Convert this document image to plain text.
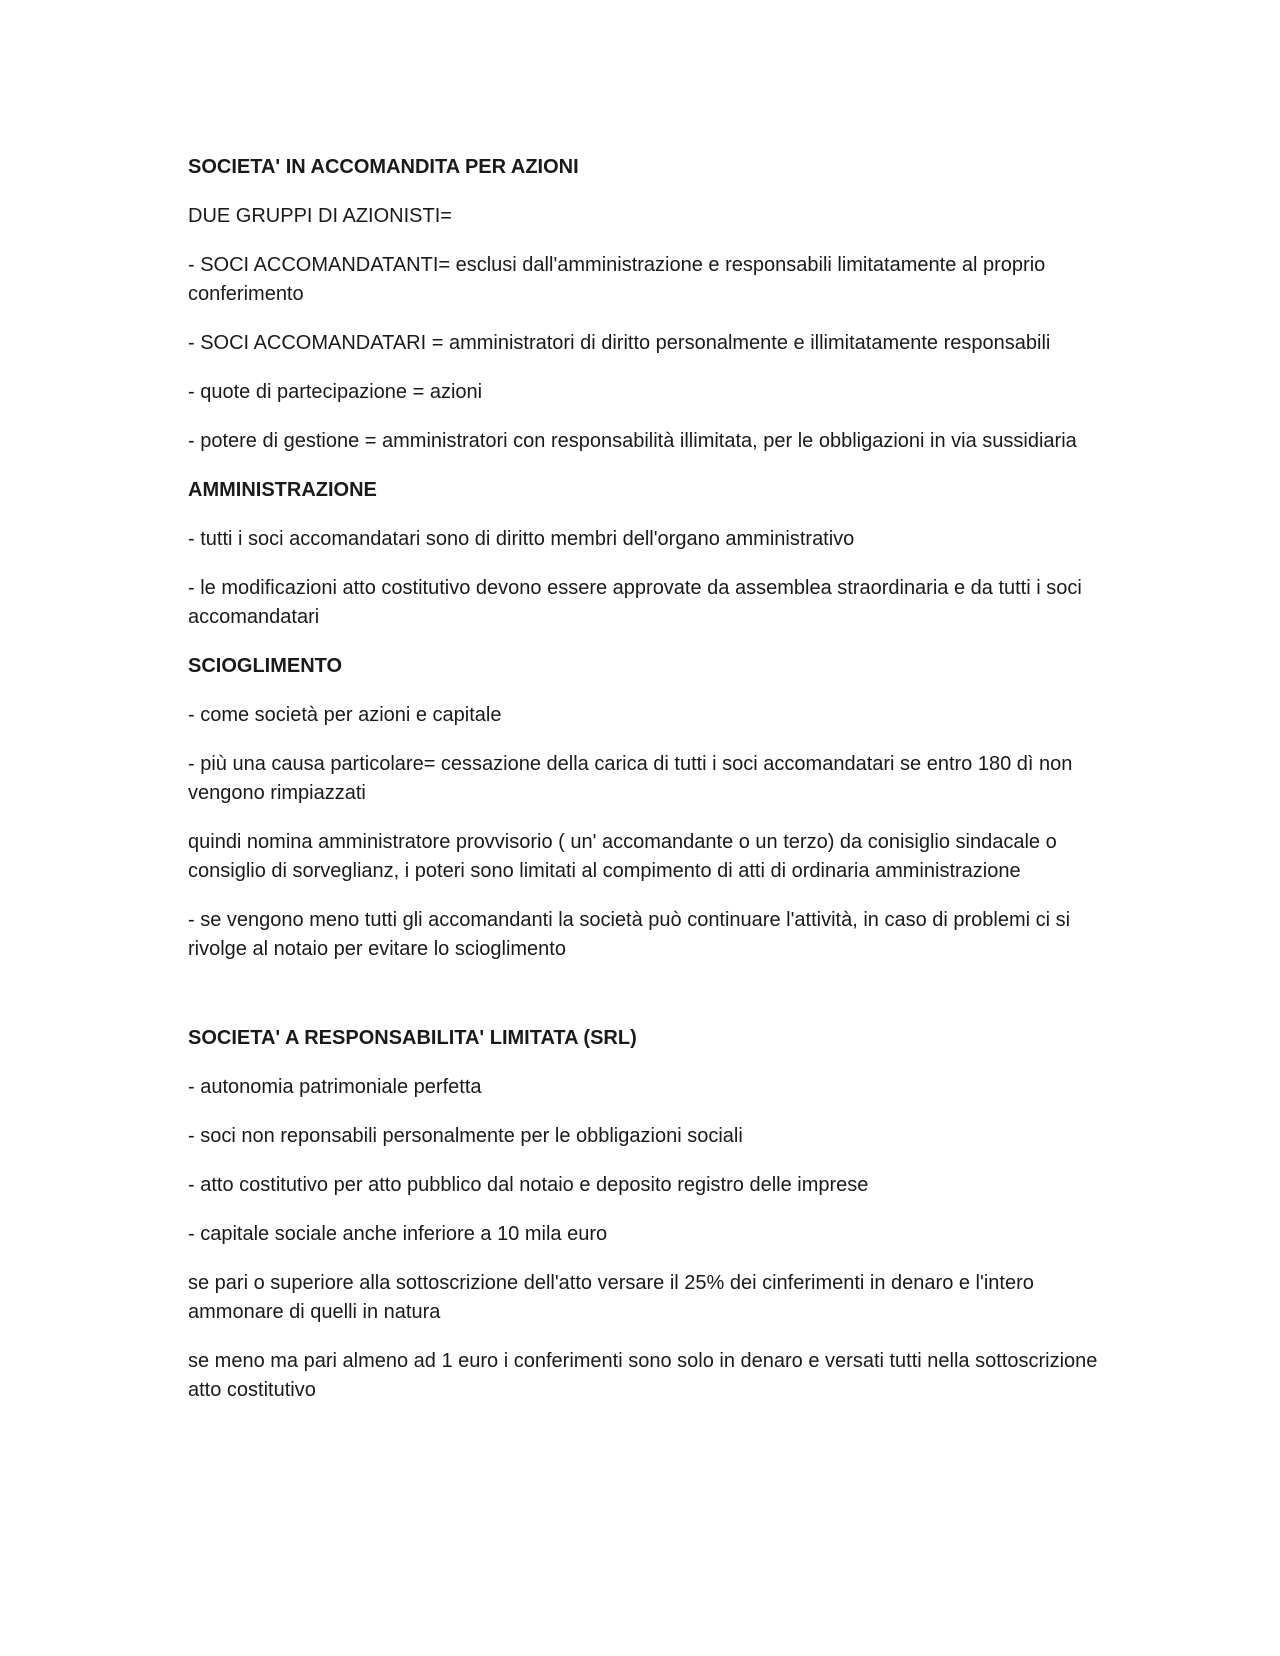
SOCIETA' IN ACCOMANDITA PER AZIONI

DUE GRUPPI DI AZIONISTI=

- SOCI ACCOMANDATANTI= esclusi dall'amministrazione e responsabili limitatamente al proprio conferimento

- SOCI ACCOMANDATARI = amministratori di diritto personalmente e illimitatamente responsabili

- quote di partecipazione = azioni

- potere di gestione = amministratori con responsabilità illimitata, per le obbligazioni in via sussidiaria

AMMINISTRAZIONE

- tutti i soci accomandatari sono di diritto membri dell'organo amministrativo

- le modificazioni atto costitutivo devono essere approvate da assemblea straordinaria e da tutti i soci accomandatari

SCIOGLIMENTO

- come società per azioni e capitale

- più una causa particolare= cessazione della carica di tutti i soci accomandatari se entro 180 dì non vengono rimpiazzati

quindi nomina amministratore provvisorio ( un' accomandante o un terzo) da conisiglio sindacale o consiglio di sorveglianz, i poteri sono limitati al compimento di atti di ordinaria amministrazione

- se vengono meno tutti gli accomandanti la società può continuare l'attività, in caso di problemi ci si rivolge al notaio per evitare lo scioglimento

SOCIETA' A RESPONSABILITA' LIMITATA (SRL)

- autonomia patrimoniale perfetta

- soci non reponsabili personalmente per le obbligazioni sociali

- atto costitutivo per atto pubblico dal notaio e deposito registro delle imprese

- capitale sociale anche inferiore a 10 mila euro

se pari o superiore alla sottoscrizione dell'atto versare il 25% dei cinferimenti in denaro e l'intero ammonare di quelli in natura

se meno ma pari almeno ad 1 euro i conferimenti sono solo in denaro e versati tutti nella sottoscrizione atto costitutivo
